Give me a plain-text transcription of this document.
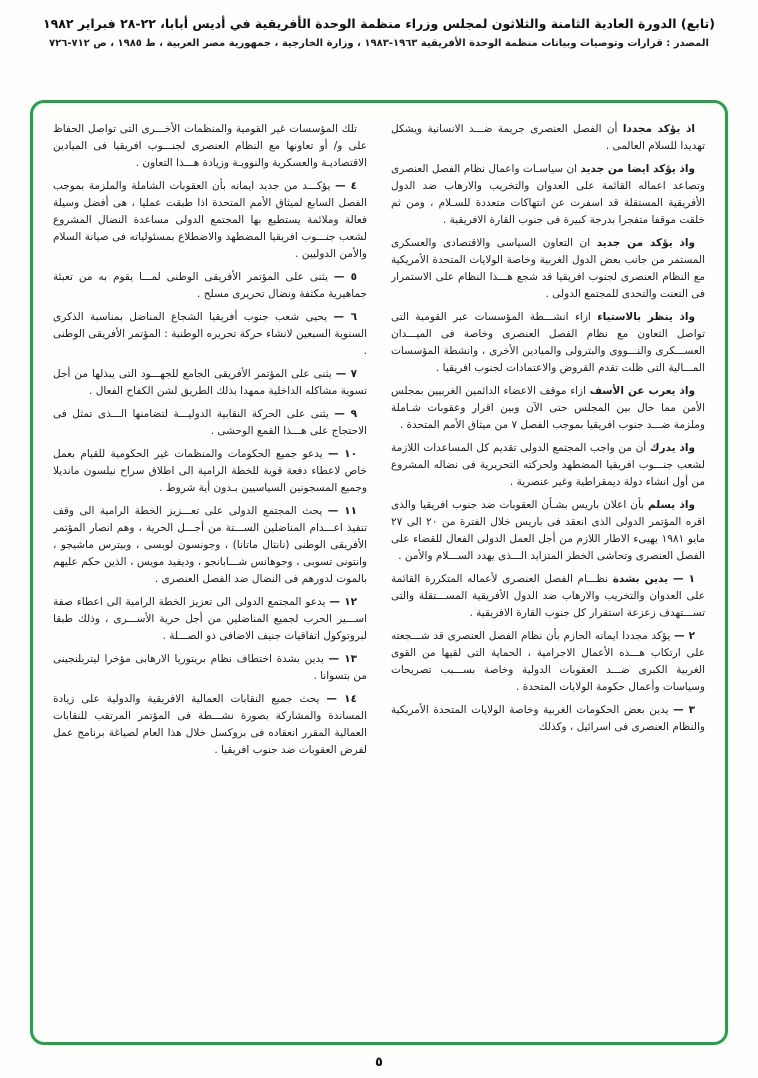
(تابع) الدورة العادية الثامنة والثلاثون لمجلس وزراء منظمة الوحدة الأفريقية في أديس أبابا، ٢٢-٢٨ فبراير ١٩٨٢
المصدر : قرارات وتوصيات وبيانات منظمة الوحدة الأفريقية ١٩٦٣-١٩٨٣ ، وزارة الخارجية ، جمهورية مصر العربية ، ط ١٩٨٥ ، ص ٧١٢-٧٢٦

اذ يؤكد مجددا أن الفصل العنصرى جريمة ضـــد الانسانية ويشكل تهديدا للسلام العالمى .

واذ يؤكد ايضا من جديد ان سياسـات واعمال نظام الفصل العنصرى وتصاعد اعماله القائمة على العدوان والتخريب والارهاب ضد الدول الأفريقية المستقلة قد اسفرت عن انتهاكات متعددة للسـلام ، ومن ثم خلقت موقفا متفجرا بدرجة كبيرة فى جنوب القارة الافريقية .

واذ يؤكد من جديد ان التعاون السياسى والاقتصادى والعسكرى المستمر من جانب بعض الدول الغربية وخاصة الولايات المتحدة الأمريكية مع النظام العنصرى لجنوب افريقيا قد شجع هـــذا النظام على الاستمرار فى التعنت والتحدى للمجتمع الدولى .

واذ ينظر بالاستياء ازاء انشـــطة المؤسسات عبر القومية التى تواصل التعاون مع نظام الفصل العنصرى وخاصة فى الميـــدان العســـكرى والنـــووى والبترولى والميادين الأخرى ، وانشطة المؤسسات المـــالية التى ظلت تقدم القروض والاعتمادات لجنوب افريقيا .

واذ يعرب عن الأسف ازاء موقف الاعضاء الدائمين الغربيين بمجلس الأمن مما حال بين المجلس حتى الآن وبين اقرار وعقوبات شـاملة وملزمة ضـــد جنوب افريقيا بموجب الفصل ٧ من ميثاق الأمم المتحدة .

واذ يدرك أن من واجب المجتمع الدولى تقديم كل المساعدات اللازمة لشعب جنـــوب افريقيا المضطهد ولحركته التحريرية فى نضاله المشروع من أول انشاء دولة ديمقراطية وغير عنصرية .

واذ يسلم بأن اعلان باريس بشـأن العقوبات ضد جنوب افريقيا والذى اقره المؤتمر الدولى الذى انعقد فى باريس خلال الفترة من ٢٠ الى ٢٧ مايو ١٩٨١ يهيىء الاطار اللازم من أجل العمل الدولى الفعال للقضاء على الفصل العنصرى وتحاشى الخطر المتزايد الـــذى يهدد الســـلام والأمن .

١ — يدين بشدة نظـــام الفصل العنصرى لأعماله المتكررة القائمة على العدوان والتخريب والارهاب ضد الدول الأفريقية المســـتقلة والتى تســـتهدف زعزعة استقرار كل جنوب القارة الافريقية .

٢ — يؤكد مجددا ايمانه الحازم بأن نظام الفصل العنصرى قد شـــجعته على ارتكاب هـــذه الأعمال الاجرامية ، الحماية التى لقيها من القوى الغربية الكبرى ضـــد العقوبات الدولية وخاصة بســـبب تصريحات وسياسات وأعمال حكومة الولايات المتحدة .

٣ — يدين بعض الحكومات الغربية وخاصة الولايات المتحدة الأمريكية والنظام العنصرى فى اسرائيل ، وكذلك

تلك المؤسسات غير القومية والمنظمات الأخـــرى التى تواصل الحفاظ على و/ أو تعاونها مع النظام العنصرى لجنـــوب افريقيا فى الميادين الاقتصاديـة والعسكرية والنوويـة وزيادة هـــذا التعاون .

٤ — يؤكـــد من جديد ايمانه بأن العقوبات الشاملة والملزمة بموجب الفصل السابع لميثاق الأمم المتحدة اذا طبقت عمليا ، هى أفضل وسيلة فعالة وملائمة يستطيع بها المجتمع الدولى مساعدة النضال المشروع لشعب جنـــوب افريقيا المضطهد والاضطلاع بمسئولياته فى صيانة السلام والأمن الدوليين .

٥ — يثنى على المؤتمر الأفريقى الوطنى لمـــا يقوم به من تعبئة جماهيرية مكثفة ونضال تحريرى مسلح .

٦ — يحيى شعب جنوب أفريقيا الشجاع المناضل بمناسبة الذكرى السنوية السبعين لانشاء حركة تحريره الوطنية : المؤتمر الأفريقى الوطنى .

٧ — يثنى على المؤتمر الأفريقى الجامع للجهـــود التى يبذلها من أجل تسوية مشاكله الداخلية ممهدا بذلك الطريق لشن الكفاح الفعال .

٩ — يثنى على الحركة النقابية الدوليـــة لتضامنها الـــذى تمثل فى الاحتجاج على هـــذا القمع الوحشى .

١٠ — يدعو جميع الحكومات والمنظمات غير الحكومية للقيام بعمل خاص لاعطاء دفعة قوية للخطة الرامية الى اطلاق سراح نيلسون مانديلا وجميع المسجونين السياسيين بـدون أية شروط .

١١ — يحث المجتمع الدولى على تعـــزيز الخطة الرامية الى وقف تنفيذ اعـــدام المناضلين الســـتة من أجـــل الحرية ، وهم انصار المؤتمر الأفريقى الوطنى (نانتال ماتانا) ، وجونسون لوبسى ، وبيترس ماشيجو ، وانتونى تسوبى ، وجوهانس شـــابانجو ، وديفيد مويس ، الذين حكم عليهم بالموت لدورهم فى النضال ضد الفصل العنصرى .

١٢ — يدعو المجتمع الدولى الى تعزيز الخطة الرامية الى اعطاء صفة اســـير الحرب لجميع المناضلين من أجل حرية الأســـرى ، وذلك طبقا لبروتوكول اتفاقيات جنيف الاضافى ذو الصـــلة .

١٣ — يدين بشدة اختطاف نظام بريتوريا الارهابى مؤخرا ليتربلنجينى من بتسوانا .

١٤ — يحث جميع النقابات العمالية الافريقية والدولية على زيادة المساندة والمشاركة بصورة نشـــطة فى المؤتمر المرتقب للنقابات العمالية المقرر انعقاده فى بروكسل خلال هذا العام لصياغة برنامج عمل لفرض العقوبات ضد جنوب افريقيا .

٥
